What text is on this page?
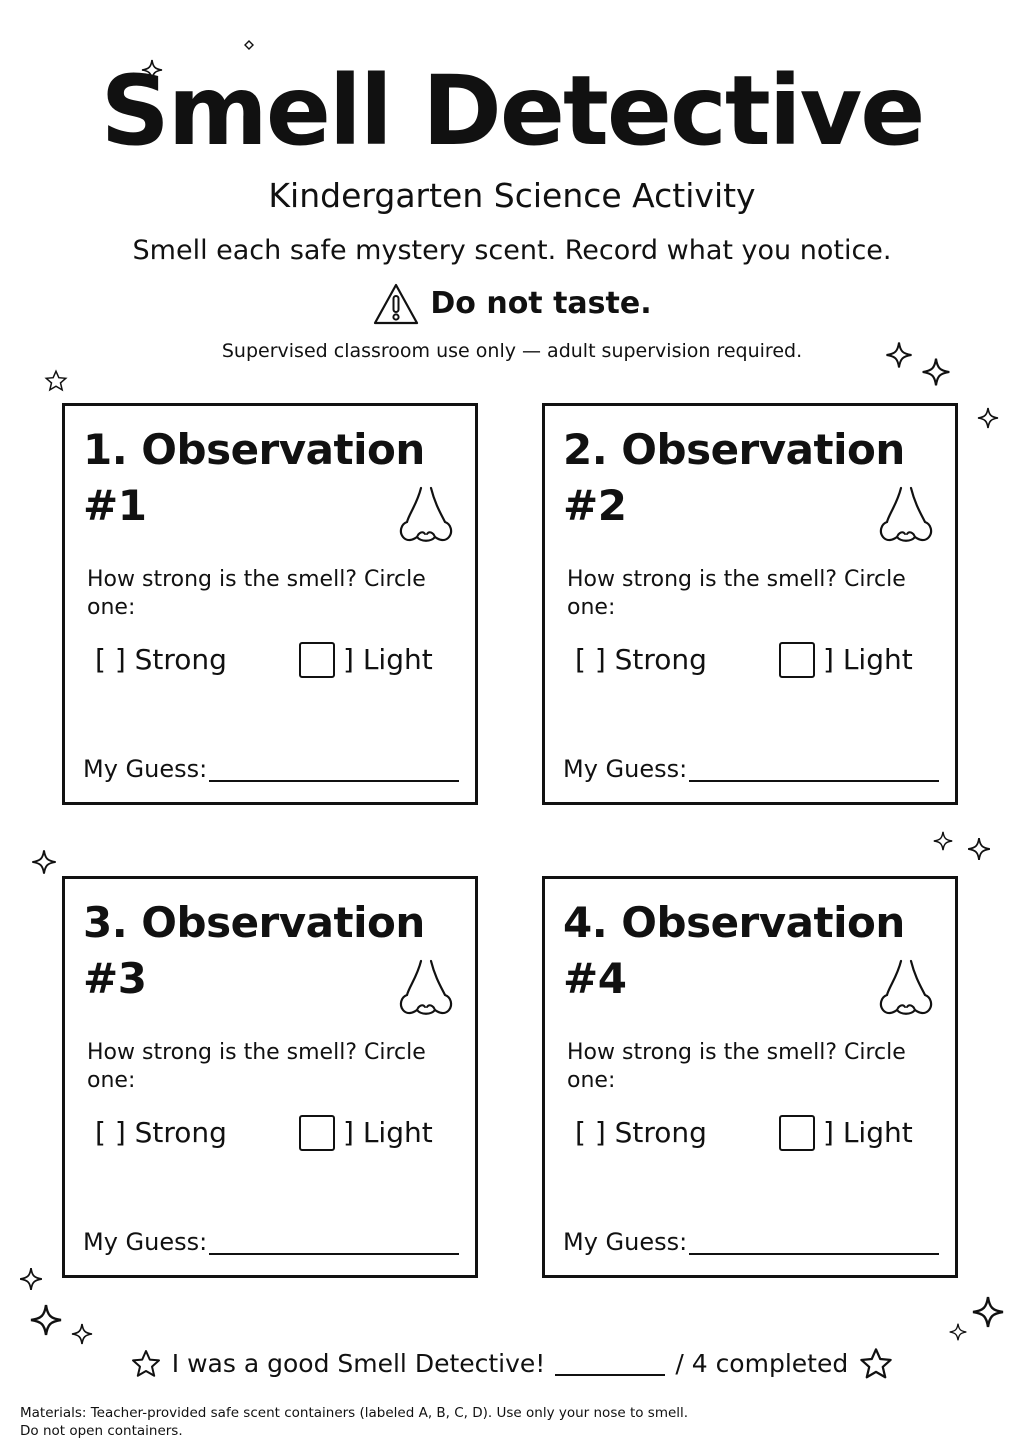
Smell Detective
Kindergarten Science Activity
Smell each safe mystery scent. Record what you notice.
Do not taste.
Supervised classroom use only — adult supervision required.
1. Observation #1
How strong is the smell? Circle one:
[ ] Strong	] Light
My Guess:
2. Observation #2
How strong is the smell? Circle one:
[ ] Strong	] Light
My Guess:
3. Observation #3
How strong is the smell? Circle one:
[ ] Strong	] Light
My Guess:
4. Observation #4
How strong is the smell? Circle one:
[ ] Strong	] Light
My Guess:
I was a good Smell Detective!	/ 4 completed
Materials: Teacher-provided safe scent containers (labeled A, B, C, D). Use only your nose to smell.
Do not open containers.
